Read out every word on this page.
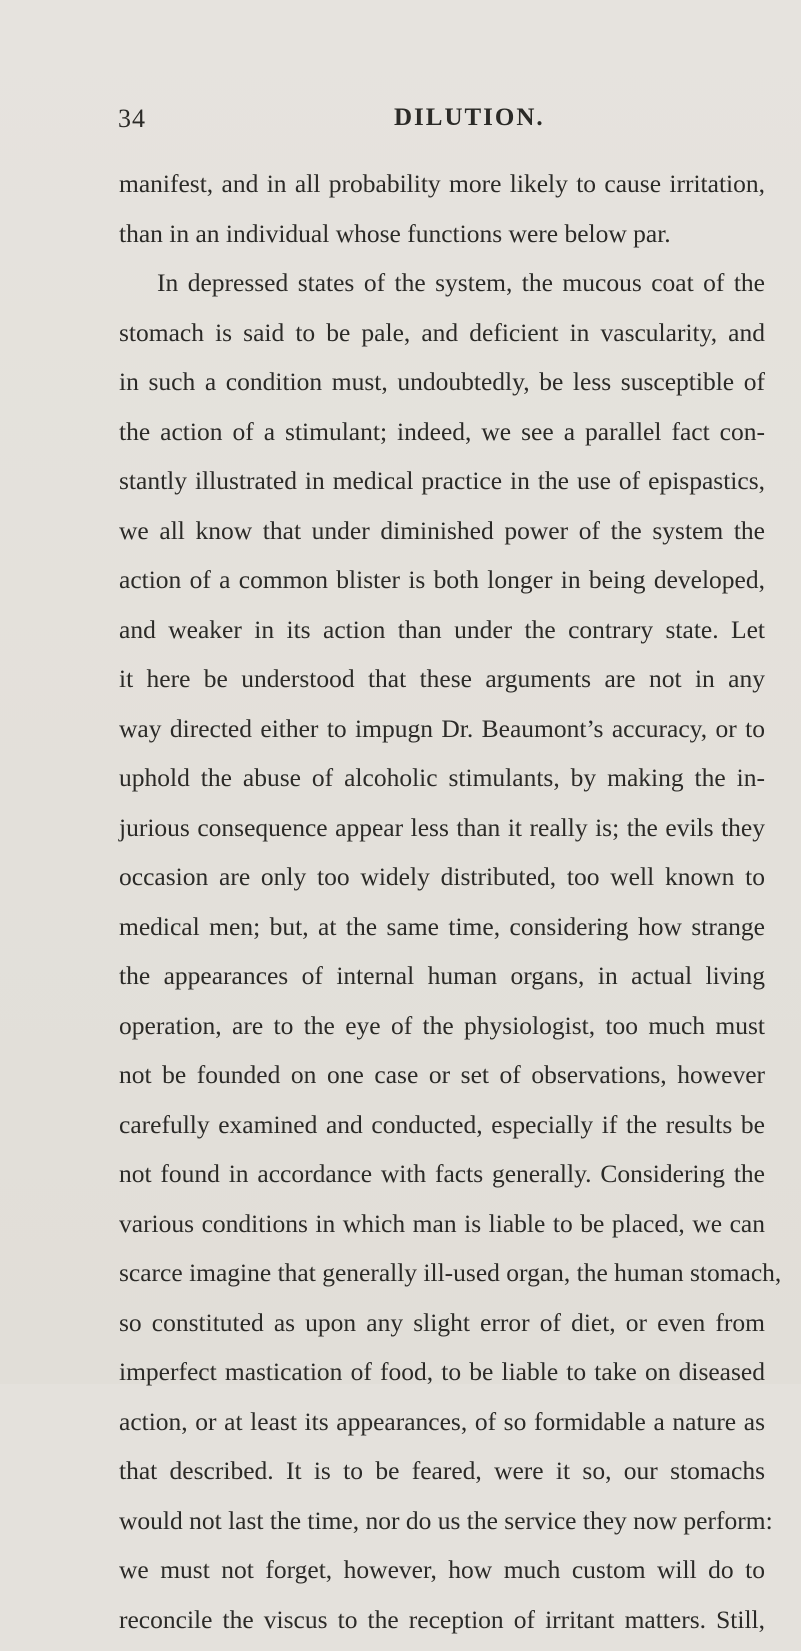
34	DILUTION.
manifest, and in all probability more likely to cause irritation,
than in an individual whose functions were below par.
In depressed states of the system, the mucous coat of the
stomach is said to be pale, and deficient in vascularity, and
in such a condition must, undoubtedly, be less susceptible of
the action of a stimulant; indeed, we see a parallel fact con-
stantly illustrated in medical practice in the use of epispastics,
we all know that under diminished power of the system the
action of a common blister is both longer in being developed,
and weaker in its action than under the contrary state. Let
it here be understood that these arguments are not in any
way directed either to impugn Dr. Beaumont’s accuracy, or to
uphold the abuse of alcoholic stimulants, by making the in-
jurious consequence appear less than it really is; the evils they
occasion are only too widely distributed, too well known to
medical men; but, at the same time, considering how strange
the appearances of internal human organs, in actual living
operation, are to the eye of the physiologist, too much must
not be founded on one case or set of observations, however
carefully examined and conducted, especially if the results be
not found in accordance with facts generally. Considering the
various conditions in which man is liable to be placed, we can
scarce imagine that generally ill-used organ, the human stomach,
so constituted as upon any slight error of diet, or even from
imperfect mastication of food, to be liable to take on diseased
action, or at least its appearances, of so formidable a nature as
that described. It is to be feared, were it so, our stomachs
would not last the time, nor do us the service they now perform:
we must not forget, however, how much custom will do to
reconcile the viscus to the reception of irritant matters. Still,
